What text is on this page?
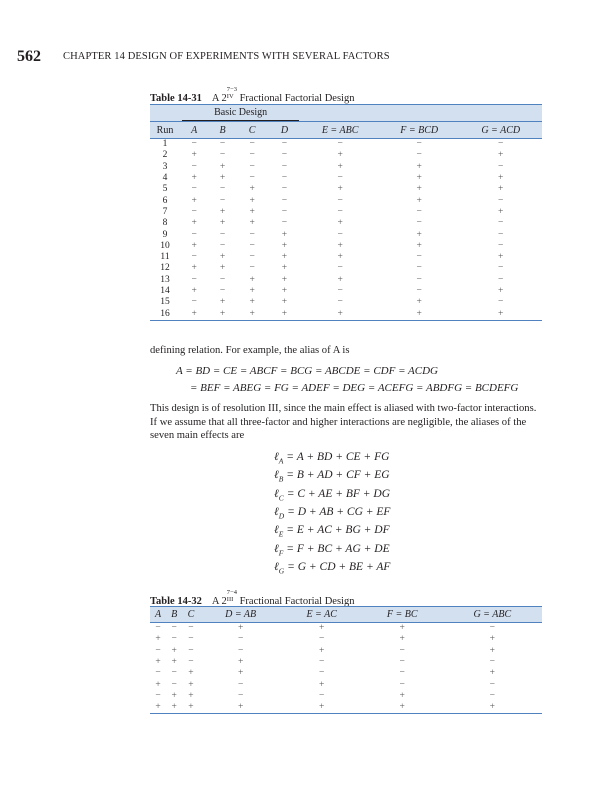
562 CHAPTER 14 DESIGN OF EXPERIMENTS WITH SEVERAL FACTORS
Table 14-31 A 2
7−3
IV Fractional Factorial Design

	Basic Design						

Run	A	B	C	D	E = ABC	F = BCD	G = ACD
1	−	−	−	−	−	−	−
2	+	−	−	−	+	−	+
3	−	+	−	−	+	+	−
4	+	+	−	−	−	+	+
5	−	−	+	−	+	+	+
6	+	−	+	−	−	+	−
7	−	+	+	−	−	−	+
8	+	+	+	−	+	−	−
9	−	−	−	+	−	+	−
10	+	−	−	+	+	+	−
11	−	+	−	+	+	−	+
12	+	+	−	+	−	−	−
13	−	−	+	+	+	−	−
14	+	−	+	+	−	−	+
15	−	+	+	+	−	+	−
16	+	+	+	+	+	+	+
defining relation. For example, the alias of A is
A = BD = CE = ABCF = BCG = ABCDE = CDF = ACDG
= BEF = ABEG = FG = ADEF = DEG = ACEFG = ABDFG = BCDEFG
This design is of resolution III, since the main effect is aliased with two-factor interactions. If we assume that all three-factor and higher interactions are negligible, the aliases of the seven main effects are
ℓ$_A$ = A + BD + CE + FG
ℓ$_B$ = B + AD + CF + EG
ℓ$_C$ = C + AE + BF + DG
ℓ$_D$ = D + AB + CG + EF
ℓ$_E$ = E + AC + BG + DF
ℓ$_F$ = F + BC + AG + DE
ℓ$_G$ = G + CD + BE + AF
Table 14-32 A 2
7−4
III Fractional Factorial Design
A	B	C	D = AB	E = AC	F = BC	G = ABC
−	−	−	+	+	+	−
+	−	−	−	−	+	+
−	+	−	−	+	−	+
+	+	−	+	−	−	−
−	−	+	+	−	−	+
+	−	+	−	+	−	−
−	+	+	−	−	+	−
+	+	+	+	+	+	+
